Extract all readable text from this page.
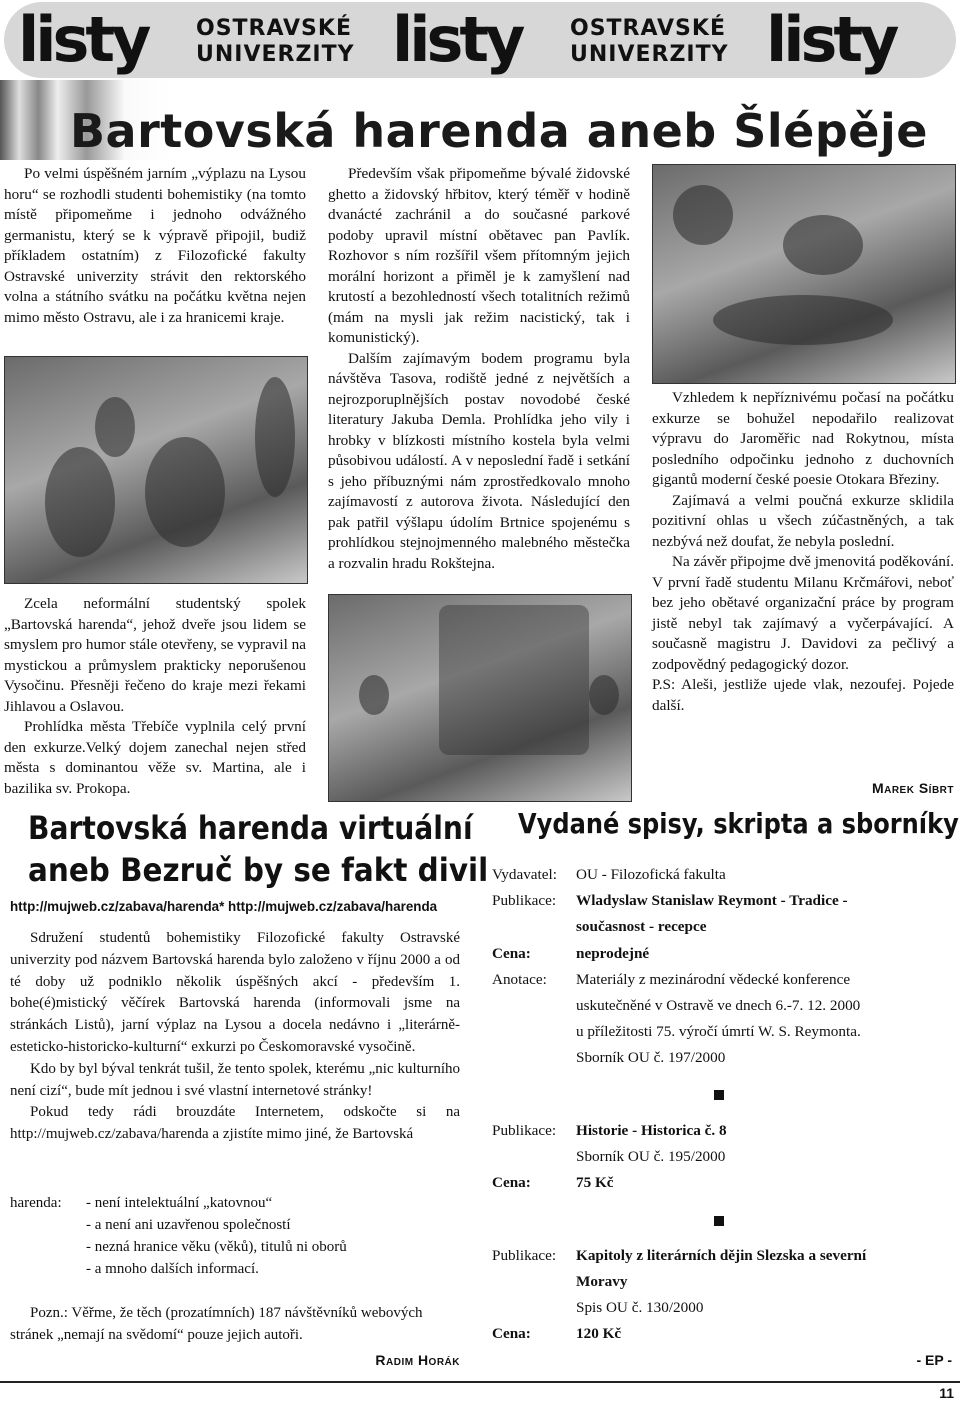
listy OSTRAVSKÉ
UNIVERZITY listy OSTRAVSKÉ
UNIVERZITY listy
Bartovská harenda aneb Šlépěje

Po velmi úspěšném jarním „výplazu na Lysou horu“ se rozhodli studenti bohemistiky (na tomto místě připomeňme i jednoho odvážného germanistu, který se k výpravě připojil, budiž příkladem ostatním) z Filozofické fakulty Ostravské univerzity strávit den rektorského volna a státního svátku na počátku května nejen mimo město Ostravu, ale i za hranicemi kraje.

Zcela neformální studentský spolek „Bartovská harenda“, jehož dveře jsou lidem se smyslem pro humor stále otevřeny, se vypravil na mystickou a průmyslem prakticky neporušenou Vysočinu. Přesněji řečeno do kraje mezi řekami Jihlavou a Oslavou.

Prohlídka města Třebíče vyplnila celý první den exkurze.Velký dojem zanechal nejen střed města s dominantou věže sv. Martina, ale i bazilika sv. Prokopa.

Především však připomeňme bývalé židovské ghetto a židovský hřbitov, který téměř v hodině dvanácté zachránil a do současné parkové podoby upravil místní obětavec pan Pavlík. Rozhovor s ním rozšířil všem přítomným jejich morální horizont a přiměl je k zamyšlení nad krutostí a bezohledností všech totalitních režimů (mám na mysli jak režim nacistický, tak i komunistický).

Dalším zajímavým bodem programu byla návštěva Tasova, rodiště jedné z největších a nejrozporuplnějších postav novodobé české literatury Jakuba Demla. Prohlídka jeho vily i hrobky v blízkosti místního kostela byla velmi působivou událostí. A v neposlední řadě i setkání s jeho příbuznými nám zprostředkovalo mnoho zajímavostí z autorova života. Následující den pak patřil výšlapu údolím Brtnice spojenému s prohlídkou stejnojmenného malebného městečka a rozvalin hradu Rokštejna.

Vzhledem k nepříznivému počasí na počátku exkurze se bohužel nepodařilo realizovat výpravu do Jaroměřic nad Rokytnou, místa posledního odpočinku jednoho z duchovních gigantů moderní české poesie Otokara Březiny.

Zajímavá a velmi poučná exkurze sklidila pozitivní ohlas u všech zúčastněných, a tak nezbývá než doufat, že nebyla poslední.

Na závěr připojme dvě jmenovitá poděkování. V první řadě studentu Milanu Krčmářovi, neboť bez jeho obětavé organizační práce by program jistě nebyl tak zajímavý a vyčerpávající. A současně magistru J. Davidovi za pečlivý a zodpovědný pedagogický dozor.

P.S: Aleši, jestliže ujede vlak, nezoufej. Pojede další.

Marek Síbrt
Bartovská harenda virtuální
aneb Bezruč by se fakt divil
http://mujweb.cz/zabava/harenda* http://mujweb.cz/zabava/harenda

Sdružení studentů bohemistiky Filozofické fakulty Ostravské univerzity pod názvem Bartovská harenda bylo založeno v říjnu 2000 a od té doby už podniklo několik úspěšných akcí - především 1. bohe(é)mistický věčírek Bartovská harenda (informovali jsme na stránkách Listů), jarní výplaz na Lysou a docela nedávno i „literárně-esteticko-historicko-kulturní“ exkurzi po Českomoravské vysočině.

Kdo by byl býval tenkrát tušil, že tento spolek, kterému „nic kulturního není cizí“, bude mít jednou i své vlastní internetové stránky!

Pokud tedy rádi brouzdáte Internetem, odskočte si na http://mujweb.cz/zabava/harenda a zjistíte mimo jiné, že Bartovská

harenda: - není intelektuální „katovnou“
- a není ani uzavřenou společností
- nezná hranice věku (věků), titulů ni oborů
- a mnoho dalších informací.

Pozn.: Věřme, že těch (prozatímních) 187 návštěvníků webových stránek „nemají na svědomí“ pouze jejich autoři.

Radim Horák
Vydané spisy, skripta a sborníky
Vydavatel: OU - Filozofická fakulta
Publikace: Wladyslaw Stanislaw Reymont - Tradice -
současnost - recepce
Cena:	neprodejné
Anotace: Materiály z mezinárodní vědecké konference
uskutečněné v Ostravě ve dnech 6.-7. 12. 2000
u příležitosti 75. výročí úmrtí W. S. Reymonta.
Sborník OU č. 197/2000
Publikace: Historie - Historica č. 8
Sborník OU č. 195/2000
Cena:	75 Kč
Publikace: Kapitoly z literárních dějin Slezska a severní
Moravy
Spis OU č. 130/2000
Cena:	120 Kč
- EP -
11
